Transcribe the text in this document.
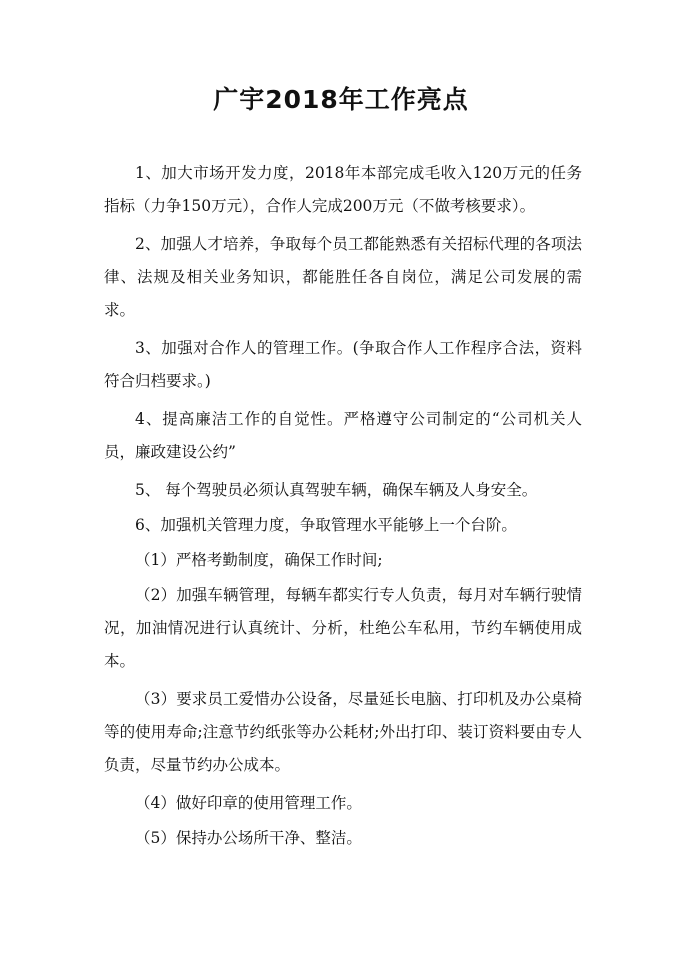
广宇2018年工作亮点

1、加大市场开发力度，2018年本部完成毛收入120万元的任务指标（力争150万元），合作人完成200万元（不做考核要求）。

2、加强人才培养，争取每个员工都能熟悉有关招标代理的各项法律、法规及相关业务知识，都能胜任各自岗位，满足公司发展的需求。

3、加强对合作人的管理工作。(争取合作人工作程序合法，资料符合归档要求。)

4、提高廉洁工作的自觉性。严格遵守公司制定的“公司机关人员，廉政建设公约”

5、 每个驾驶员必须认真驾驶车辆，确保车辆及人身安全。

6、加强机关管理力度，争取管理水平能够上一个台阶。

（1）严格考勤制度，确保工作时间;

（2）加强车辆管理，每辆车都实行专人负责，每月对车辆行驶情况，加油情况进行认真统计、分析，杜绝公车私用，节约车辆使用成本。

（3）要求员工爱惜办公设备，尽量延长电脑、打印机及办公桌椅等的使用寿命;注意节约纸张等办公耗材;外出打印、装订资料要由专人负责，尽量节约办公成本。

（4）做好印章的使用管理工作。

（5）保持办公场所干净、整洁。
